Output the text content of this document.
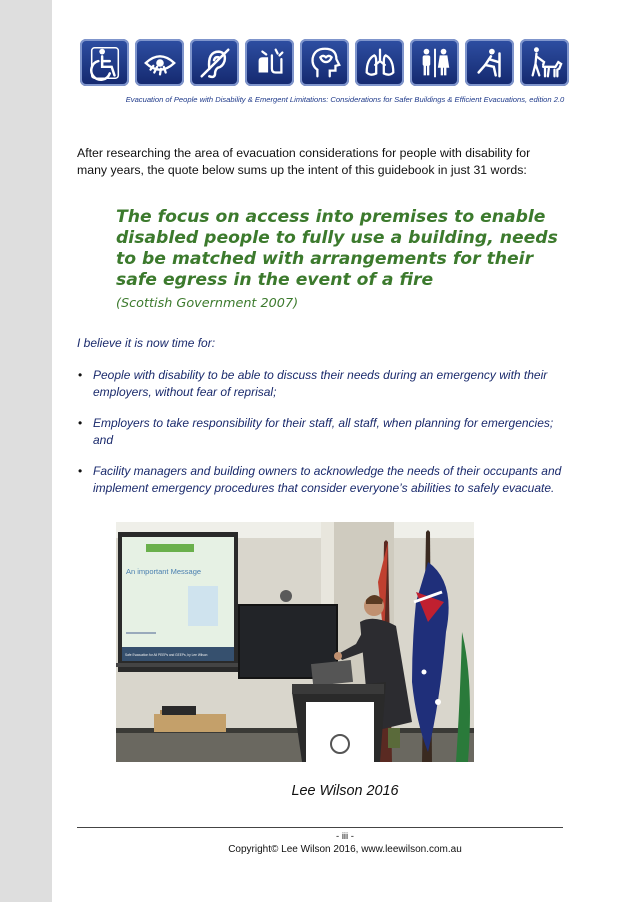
Evacuation of People with Disability & Emergent Limitations: Considerations for Safer Buildings & Efficient Evacuations, edition 2.0

After researching the area of evacuation considerations for people with disability for many years, the quote below sums up the intent of this guidebook in just 31 words:

The focus on access into premises to enable disabled people to fully use a building, needs to be matched with arrangements for their safe egress in the event of a fire

(Scottish Government 2007)

I believe it is now time for:

• People with disability to be able to discuss their needs during an emergency with their employers, without fear of reprisal;
• Employers to take responsibility for their staff, all staff, when planning for emergencies; and
• Facility managers and building owners to acknowledge the needs of their occupants and implement emergency procedures that consider everyone’s abilities to safely evacuate.
An important Message
Safe Evacuation for All PEEPs and GEEPs, by Lee Wilson
Lee Wilson 2016
- iii -
Copyright© Lee Wilson 2016, www.leewilson.com.au
